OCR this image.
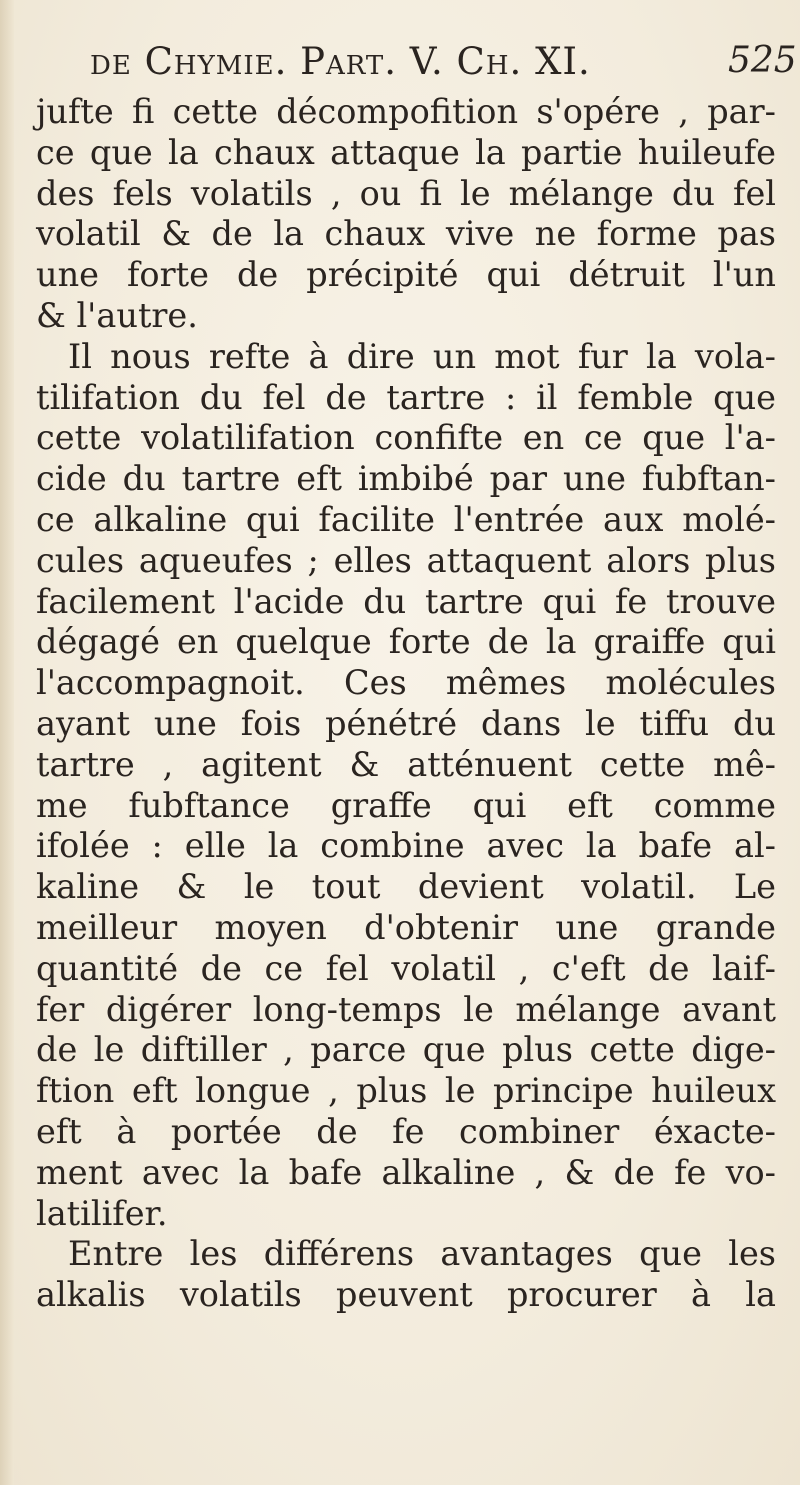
de Chymie. Part. V. Ch. XI.	525
jufte fi cette décompofition s'opére , par-
ce que la chaux attaque la partie huileufe
des fels volatils , ou fi le mélange du fel
volatil & de la chaux vive ne forme pas
une forte de précipité qui détruit l'un
& l'autre.
Il nous refte à dire un mot fur la vola-
tilifation du fel de tartre : il femble que
cette volatilifation confifte en ce que l'a-
cide du tartre eft imbibé par une fubftan-
ce alkaline qui facilite l'entrée aux molé-
cules aqueufes ; elles attaquent alors plus
facilement l'acide du tartre qui fe trouve
dégagé en quelque forte de la graiffe qui
l'accompagnoit. Ces mêmes molécules
ayant une fois pénétré dans le tiffu du
tartre , agitent & atténuent cette mê-
me fubftance graffe qui eft comme
ifolée : elle la combine avec la bafe al-
kaline & le tout devient volatil. Le
meilleur moyen d'obtenir une grande
quantité de ce fel volatil , c'eft de laif-
fer digérer long-temps le mélange avant
de le diftiller , parce que plus cette dige-
ftion eft longue , plus le principe huileux
eft à portée de fe combiner éxacte-
ment avec la bafe alkaline , & de fe vo-
latilifer.
Entre les différens avantages que les
alkalis volatils peuvent procurer à la
